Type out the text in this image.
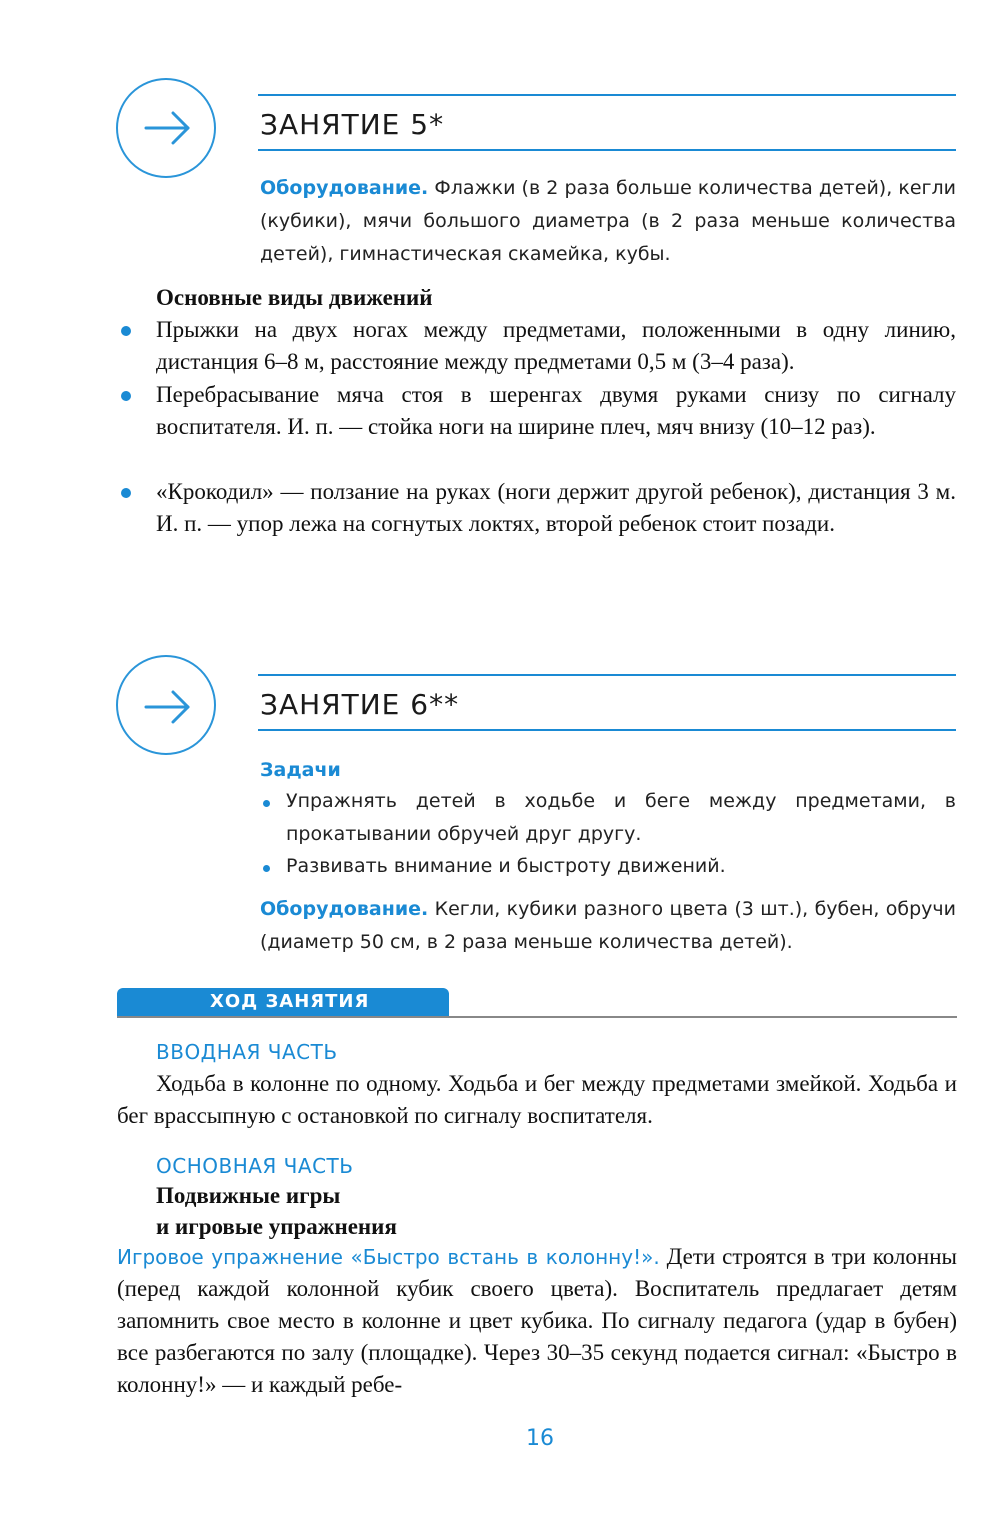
ЗАНЯТИЕ 5*
Оборудование. Флажки (в 2 раза больше количества детей), кегли (кубики), мячи большого диаметра (в 2 раза меньше количества детей), гимнастическая скамейка, кубы.
Основные виды движений
Прыжки на двух ногах между предметами, положенными в одну линию, дистанция 6–8 м, расстояние между предметами 0,5 м (3–4 раза).
Перебрасывание мяча стоя в шеренгах двумя руками снизу по сигналу воспитателя. И. п. — стойка ноги на ширине плеч, мяч внизу (10–12 раз).
«Крокодил» — ползание на руках (ноги держит другой ребенок), дистанция 3 м. И. п. — упор лежа на согнутых локтях, второй ребенок стоит позади.
ЗАНЯТИЕ 6**
Задачи
Упражнять детей в ходьбе и беге между предметами, в прокатывании обручей друг другу.
Развивать внимание и быстроту движений.
Оборудование. Кегли, кубики разного цвета (3 шт.), бубен, обручи (диаметр 50 см, в 2 раза меньше количества детей).
ХОД ЗАНЯТИЯ
ВВОДНАЯ ЧАСТЬ
Ходьба в колонне по одному. Ходьба и бег между предметами змейкой. Ходьба и бег врассыпную с остановкой по сигналу воспитателя.
ОСНОВНАЯ ЧАСТЬ
Подвижные игры
и игровые упражнения
Игровое упражнение «Быстро встань в колонну!». Дети строятся в три колонны (перед каждой колонной кубик своего цвета). Воспитатель предлагает детям запомнить свое место в колонне и цвет кубика. По сигналу педагога (удар в бубен) все разбегаются по залу (площадке). Через 30–35 секунд подается сигнал: «Быстро в колонну!» — и каждый ребе-
16
